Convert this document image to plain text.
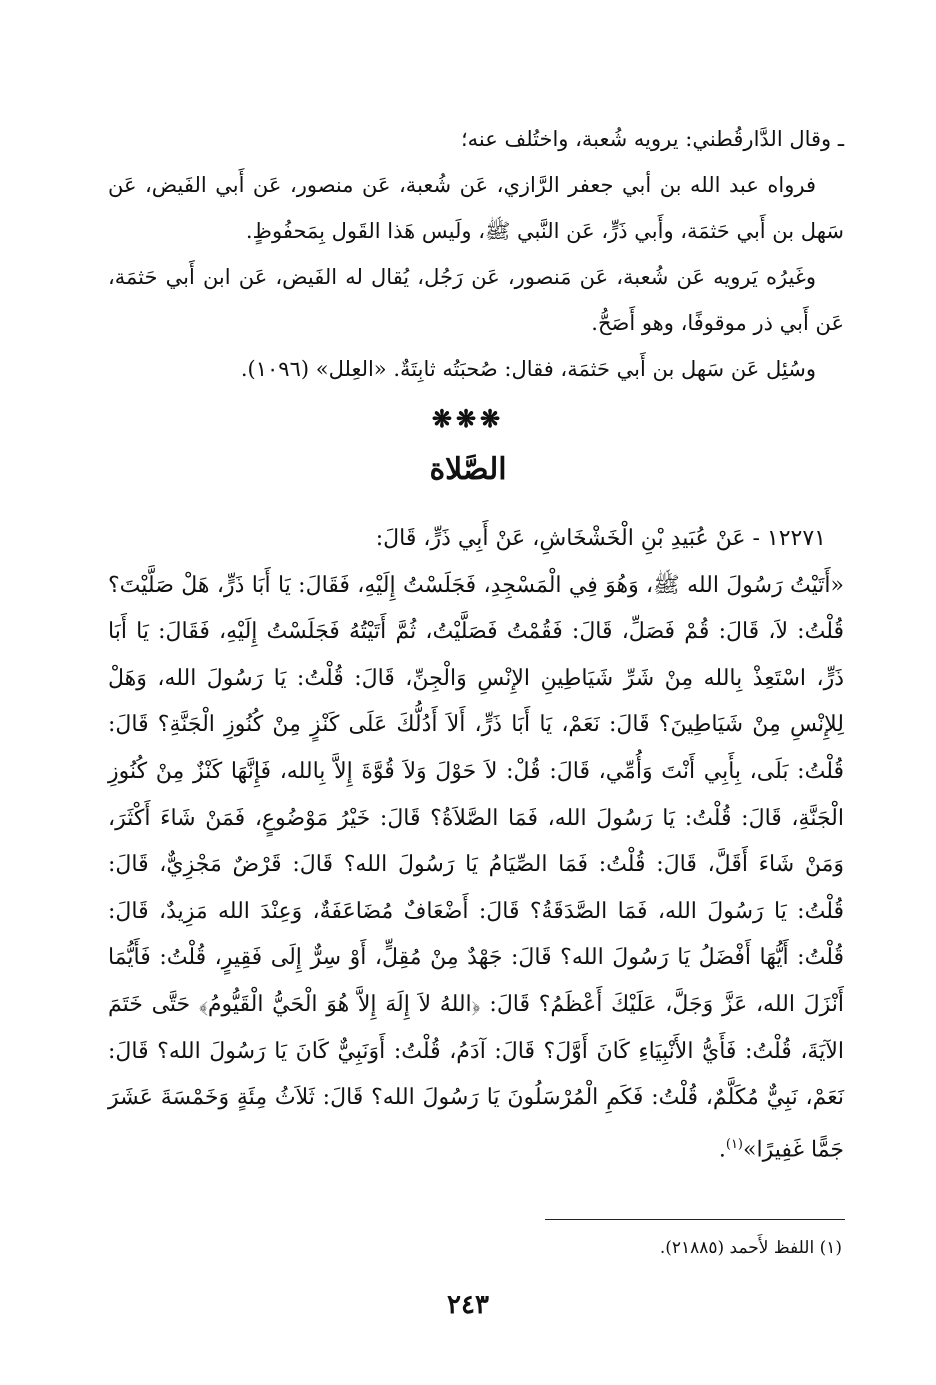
ـ وقال الدَّارقُطني: يرويه شُعبة، واختُلف عنه؛

فرواه عبد الله بن أبي جعفر الرَّازي، عَن شُعبة، عَن منصور، عَن أَبي الفَيض، عَن سَهل بن أَبي حَثمَة، وأَبي ذَرٍّ، عَن النَّبي ﷺ، ولَيس هَذا القَول بِمَحفُوظٍ.

وغَيرُه يَرويه عَن شُعبة، عَن مَنصور، عَن رَجُل، يُقال له الفَيض، عَن ابن أَبي حَثمَة، عَن أَبي ذر موقوفًا، وهو أَصَحُّ.

وسُئِل عَن سَهل بن أَبي حَثمَة، فقال: صُحبَتُه ثابِتَةٌ. «العِلل» (١٠٩٦).

❋❋❋
الصَّلاة

١٢٢٧١ - عَنْ عُبَيدِ بْنِ الْخَشْخَاشِ، عَنْ أَبِي ذَرٍّ، قَالَ:

«أَتَيْتُ رَسُولَ الله ﷺ، وَهُوَ فِي الْمَسْجِدِ، فَجَلَسْتُ إِلَيْهِ، فَقَالَ: يَا أَبَا ذَرٍّ، هَلْ صَلَّيْتَ؟ قُلْتُ: لاَ، قَالَ: قُمْ فَصَلِّ، قَالَ: فَقُمْتُ فَصَلَّيْتُ، ثُمَّ أَتَيْتُهُ فَجَلَسْتُ إِلَيْهِ، فَقَالَ: يَا أَبَا ذَرٍّ، اسْتَعِذْ بِالله مِنْ شَرِّ شَيَاطِينِ الإِنْسِ وَالْجِنِّ، قَالَ: قُلْتُ: يَا رَسُولَ الله، وَهَلْ لِلإِنْسِ مِنْ شَيَاطِينَ؟ قَالَ: نَعَمْ، يَا أَبَا ذَرٍّ، أَلاَ أَدُلُّكَ عَلَى كَنْزٍ مِنْ كُنُوزِ الْجَنَّةِ؟ قَالَ: قُلْتُ: بَلَى، بِأَبِي أَنْتَ وَأُمِّي، قَالَ: قُلْ: لاَ حَوْلَ وَلاَ قُوَّةَ إِلاَّ بِالله، فَإِنَّهَا كَنْزٌ مِنْ كُنُوزِ الْجَنَّةِ، قَالَ: قُلْتُ: يَا رَسُولَ الله، فَمَا الصَّلاَةُ؟ قَالَ: خَيْرُ مَوْضُوعٍ، فَمَنْ شَاءَ أَكْثَرَ، وَمَنْ شَاءَ أَقَلَّ، قَالَ: قُلْتُ: فَمَا الصِّيَامُ يَا رَسُولَ الله؟ قَالَ: قَرْضٌ مَجْزِيٌّ، قَالَ: قُلْتُ: يَا رَسُولَ الله، فَمَا الصَّدَقَةُ؟ قَالَ: أَضْعَافٌ مُضَاعَفَةٌ، وَعِنْدَ الله مَزِيدٌ، قَالَ: قُلْتُ: أَيُّهَا أَفْضَلُ يَا رَسُولَ الله؟ قَالَ: جَهْدٌ مِنْ مُقِلٍّ، أَوْ سِرٌّ إِلَى فَقِيرٍ، قُلْتُ: فَأَيُّمَا أَنْزَلَ الله، عَزَّ وَجَلَّ، عَلَيْكَ أَعْظَمُ؟ قَالَ: ﴿اللهُ لاَ إِلَهَ إِلاَّ هُوَ الْحَيُّ الْقَيُّومُ﴾ حَتَّى خَتَمَ الآيَةَ، قُلْتُ: فَأَيُّ الأَنْبِيَاءِ كَانَ أَوَّلَ؟ قَالَ: آدَمُ، قُلْتُ: أَوَنَبِيٌّ كَانَ يَا رَسُولَ الله؟ قَالَ: نَعَمْ، نَبِيٌّ مُكَلَّمٌ، قُلْتُ: فَكَمِ الْمُرْسَلُونَ يَا رَسُولَ الله؟ قَالَ: ثَلاَثُ مِئَةٍ وَخَمْسَةَ عَشَرَ جَمًّا غَفِيرًا»$^{(١)}$.

(١) اللفظ لأَحمد (٢١٨٨٥).
٢٤٣
